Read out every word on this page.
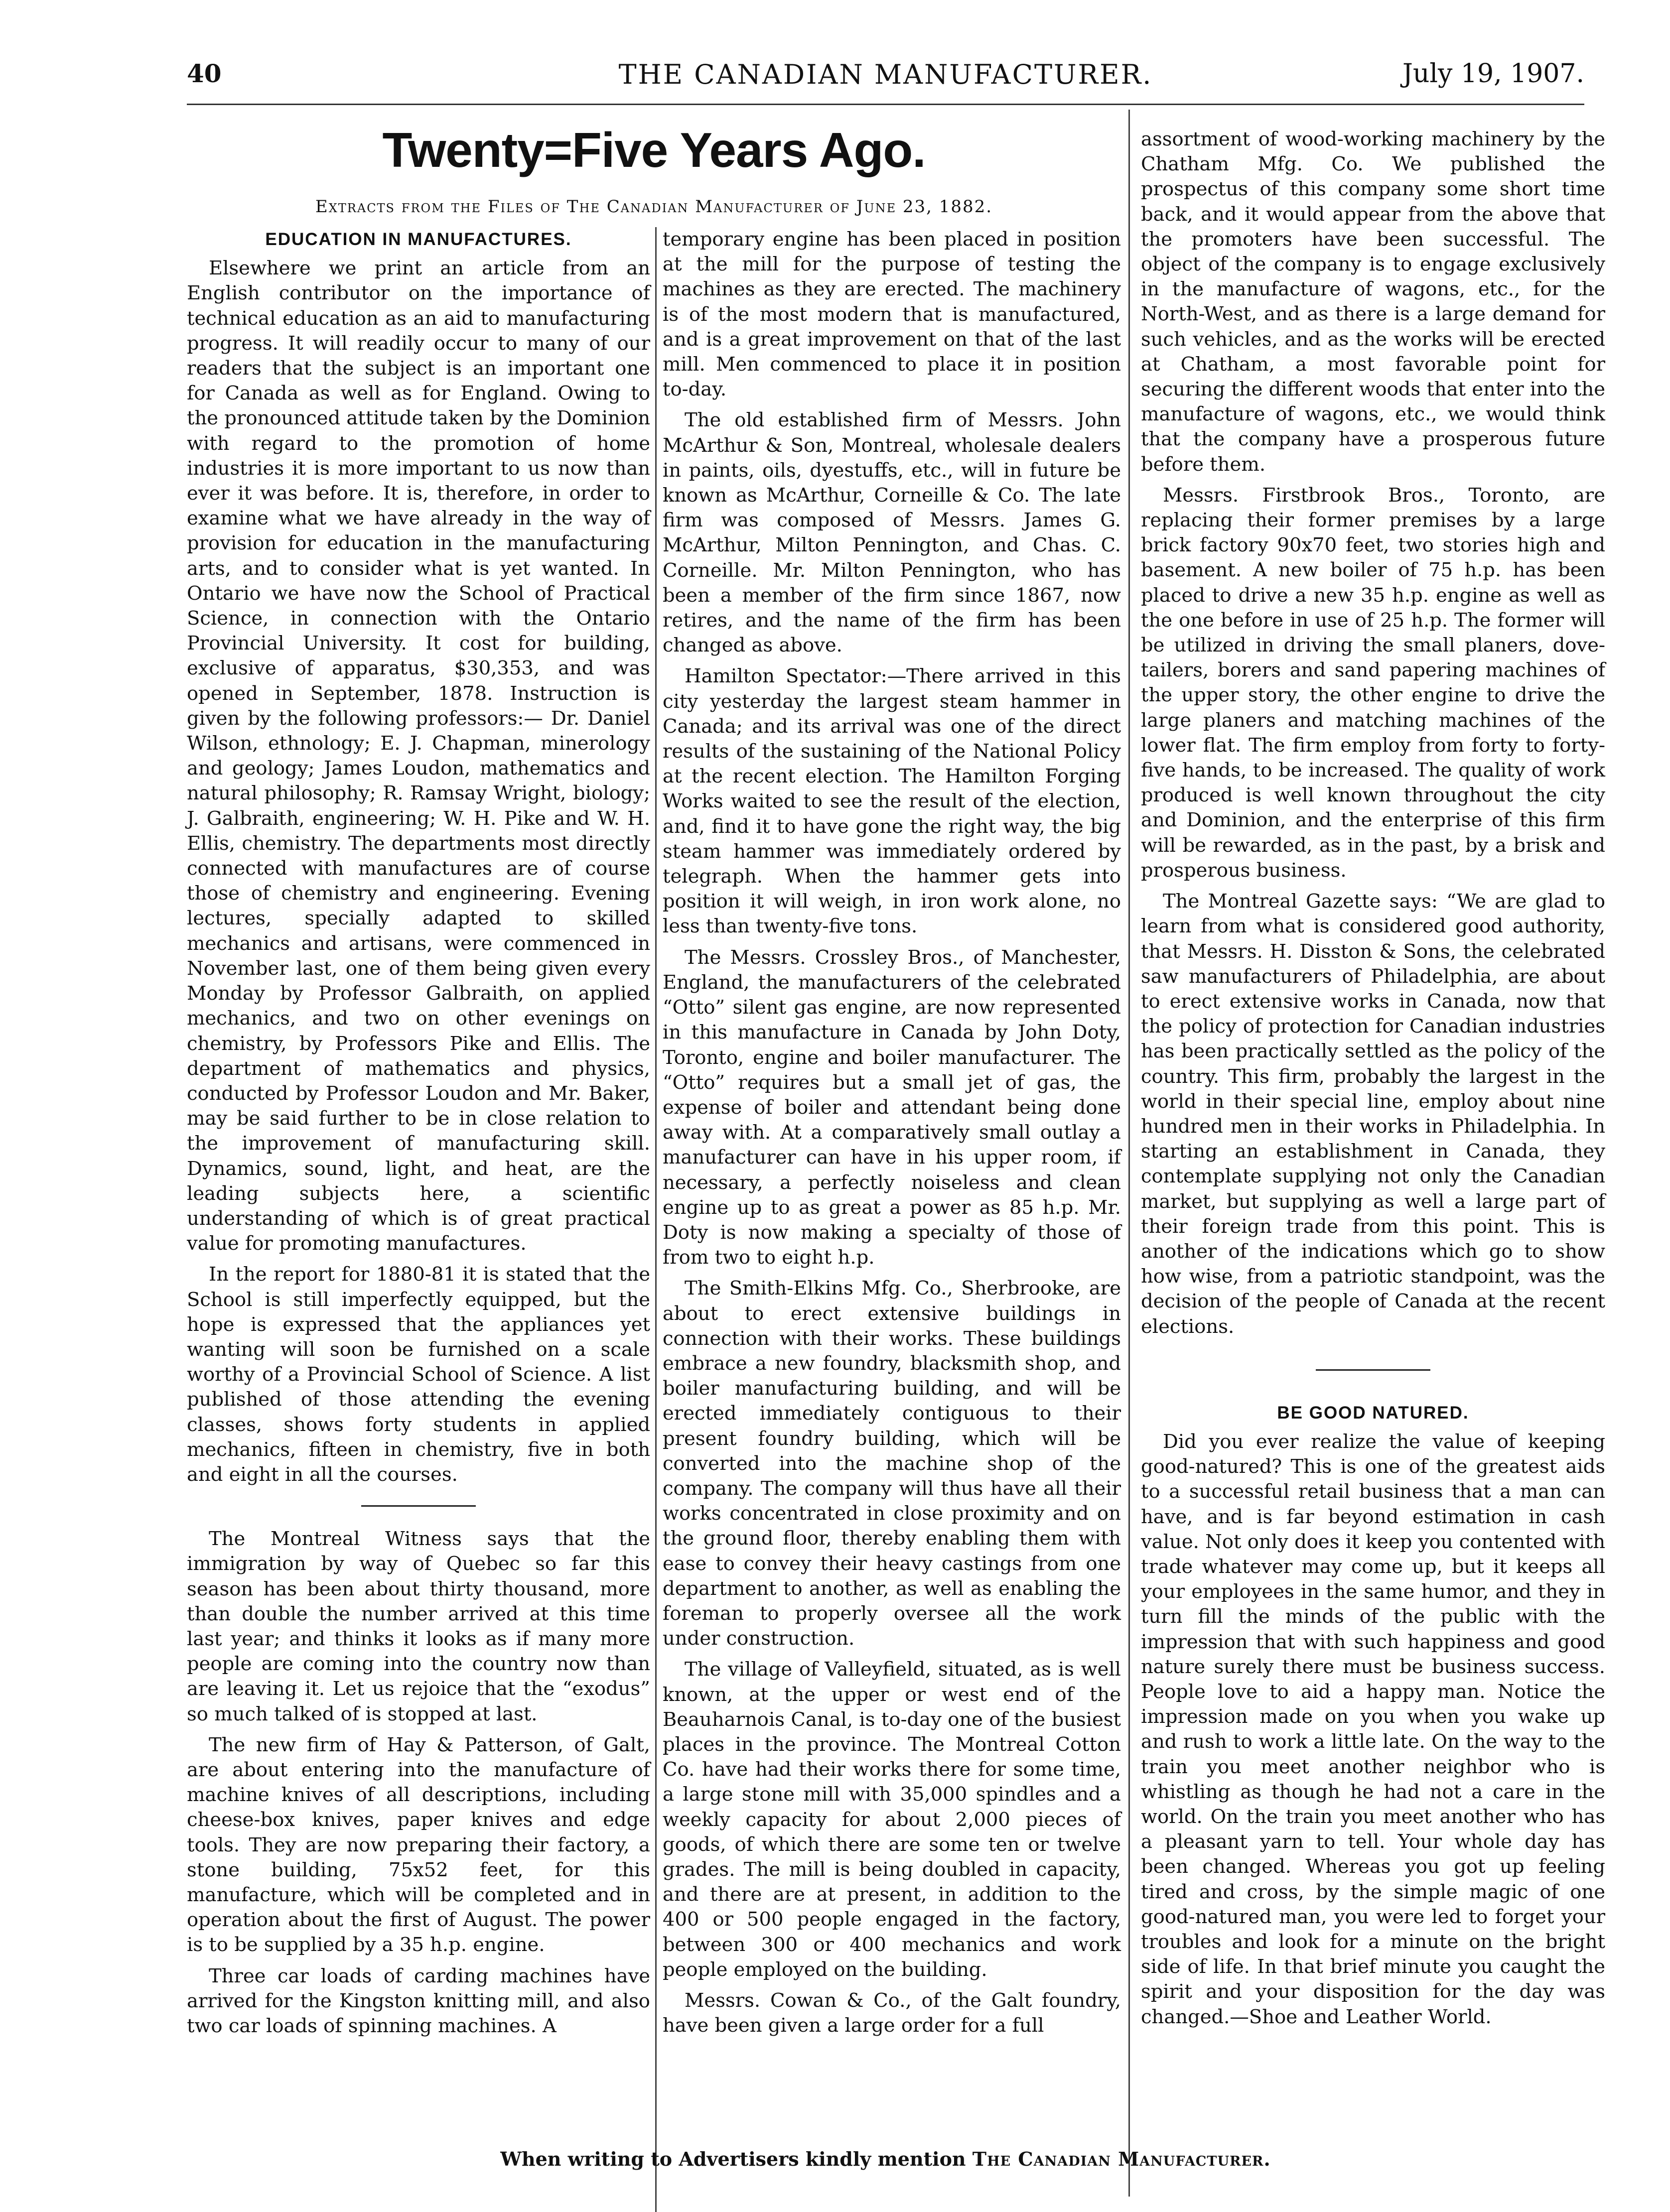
40	THE CANADIAN MANUFACTURER.	July 19, 1907.
Twenty=Five Years Ago.
Extracts from the Files of The Canadian Manufacturer of June 23, 1882.
EDUCATION IN MANUFACTURES.

Elsewhere we print an article from an English contributor on the importance of technical education as an aid to manufacturing progress. It will readily occur to many of our readers that the subject is an important one for Canada as well as for England. Owing to the pronounced attitude taken by the Dominion with regard to the promotion of home industries it is more important to us now than ever it was before. It is, therefore, in order to examine what we have already in the way of provision for education in the manufacturing arts, and to consider what is yet wanted. In Ontario we have now the School of Practical Science, in connection with the Ontario Provincial University. It cost for building, exclusive of apparatus, $30,353, and was opened in September, 1878. Instruction is given by the following professors:— Dr. Daniel Wilson, ethnology; E. J. Chapman, minerology and geology; James Loudon, mathematics and natural philosophy; R. Ramsay Wright, biology; J. Galbraith, engineering; W. H. Pike and W. H. Ellis, chemistry. The departments most directly connected with manufactures are of course those of chemistry and engineering. Evening lectures, specially adapted to skilled mechanics and artisans, were commenced in November last, one of them being given every Monday by Professor Galbraith, on applied mechanics, and two on other evenings on chemistry, by Professors Pike and Ellis. The department of mathematics and physics, conducted by Professor Loudon and Mr. Baker, may be said further to be in close relation to the improvement of manufacturing skill. Dynamics, sound, light, and heat, are the leading subjects here, a scientific understanding of which is of great practical value for promoting manufactures.

In the report for 1880-81 it is stated that the School is still imperfectly equipped, but the hope is expressed that the appliances yet wanting will soon be furnished on a scale worthy of a Provincial School of Science. A list published of those attending the evening classes, shows forty students in applied mechanics, fifteen in chemistry, five in both and eight in all the courses.

The Montreal Witness says that the immigration by way of Quebec so far this season has been about thirty thousand, more than double the number arrived at this time last year; and thinks it looks as if many more people are coming into the country now than are leaving it. Let us rejoice that the “exodus” so much talked of is stopped at last.

The new firm of Hay & Patterson, of Galt, are about entering into the manufacture of machine knives of all descriptions, including cheese-box knives, paper knives and edge tools. They are now preparing their factory, a stone building, 75x52 feet, for this manufacture, which will be completed and in operation about the first of August. The power is to be supplied by a 35 h.p. engine.

Three car loads of carding machines have arrived for the Kingston knitting mill, and also two car loads of spinning machines. A

temporary engine has been placed in position at the mill for the purpose of testing the machines as they are erected. The machinery is of the most modern that is manufactured, and is a great improvement on that of the last mill. Men commenced to place it in position to-day.

The old established firm of Messrs. John McArthur & Son, Montreal, wholesale dealers in paints, oils, dyestuffs, etc., will in future be known as McArthur, Corneille & Co. The late firm was composed of Messrs. James G. McArthur, Milton Pennington, and Chas. C. Corneille. Mr. Milton Pennington, who has been a member of the firm since 1867, now retires, and the name of the firm has been changed as above.

Hamilton Spectator:—There arrived in this city yesterday the largest steam hammer in Canada; and its arrival was one of the direct results of the sustaining of the National Policy at the recent election. The Hamilton Forging Works waited to see the result of the election, and, find it to have gone the right way, the big steam hammer was immediately ordered by telegraph. When the hammer gets into position it will weigh, in iron work alone, no less than twenty-five tons.

The Messrs. Crossley Bros., of Manchester, England, the manufacturers of the celebrated “Otto” silent gas engine, are now represented in this manufacture in Canada by John Doty, Toronto, engine and boiler manufacturer. The “Otto” requires but a small jet of gas, the expense of boiler and attendant being done away with. At a comparatively small outlay a manufacturer can have in his upper room, if necessary, a perfectly noiseless and clean engine up to as great a power as 85 h.p. Mr. Doty is now making a specialty of those of from two to eight h.p.

The Smith-Elkins Mfg. Co., Sherbrooke, are about to erect extensive buildings in connection with their works. These buildings embrace a new foundry, blacksmith shop, and boiler manufacturing building, and will be erected immediately contiguous to their present foundry building, which will be converted into the machine shop of the company. The company will thus have all their works concentrated in close proximity and on the ground floor, thereby enabling them with ease to convey their heavy castings from one department to another, as well as enabling the foreman to properly oversee all the work under construction.

The village of Valleyfield, situated, as is well known, at the upper or west end of the Beauharnois Canal, is to-day one of the busiest places in the province. The Montreal Cotton Co. have had their works there for some time, a large stone mill with 35,000 spindles and a weekly capacity for about 2,000 pieces of goods, of which there are some ten or twelve grades. The mill is being doubled in capacity, and there are at present, in addition to the 400 or 500 people engaged in the factory, between 300 or 400 mechanics and work people employed on the building.

Messrs. Cowan & Co., of the Galt foundry, have been given a large order for a full

assortment of wood-working machinery by the Chatham Mfg. Co. We published the prospectus of this company some short time back, and it would appear from the above that the promoters have been successful. The object of the company is to engage exclusively in the manufacture of wagons, etc., for the North-West, and as there is a large demand for such vehicles, and as the works will be erected at Chatham, a most favorable point for securing the different woods that enter into the manufacture of wagons, etc., we would think that the company have a prosperous future before them.

Messrs. Firstbrook Bros., Toronto, are replacing their former premises by a large brick factory 90x70 feet, two stories high and basement. A new boiler of 75 h.p. has been placed to drive a new 35 h.p. engine as well as the one before in use of 25 h.p. The former will be utilized in driving the small planers, dove-tailers, borers and sand papering machines of the upper story, the other engine to drive the large planers and matching machines of the lower flat. The firm employ from forty to forty-five hands, to be increased. The quality of work produced is well known throughout the city and Dominion, and the enterprise of this firm will be rewarded, as in the past, by a brisk and prosperous business.

The Montreal Gazette says: “We are glad to learn from what is considered good authority, that Messrs. H. Disston & Sons, the celebrated saw manufacturers of Philadelphia, are about to erect extensive works in Canada, now that the policy of protection for Canadian industries has been practically settled as the policy of the country. This firm, probably the largest in the world in their special line, employ about nine hundred men in their works in Philadelphia. In starting an establishment in Canada, they contemplate supplying not only the Canadian market, but supplying as well a large part of their foreign trade from this point. This is another of the indications which go to show how wise, from a patriotic standpoint, was the decision of the people of Canada at the recent elections.

BE GOOD NATURED.

Did you ever realize the value of keeping good-natured? This is one of the greatest aids to a successful retail business that a man can have, and is far beyond estimation in cash value. Not only does it keep you contented with trade whatever may come up, but it keeps all your employees in the same humor, and they in turn fill the minds of the public with the impression that with such happiness and good nature surely there must be business success. People love to aid a happy man. Notice the impression made on you when you wake up and rush to work a little late. On the way to the train you meet another neighbor who is whistling as though he had not a care in the world. On the train you meet another who has a pleasant yarn to tell. Your whole day has been changed. Whereas you got up feeling tired and cross, by the simple magic of one good-natured man, you were led to forget your troubles and look for a minute on the bright side of life. In that brief minute you caught the spirit and your disposition for the day was changed.—Shoe and Leather World.

When writing to Advertisers kindly mention The Canadian Manufacturer.
